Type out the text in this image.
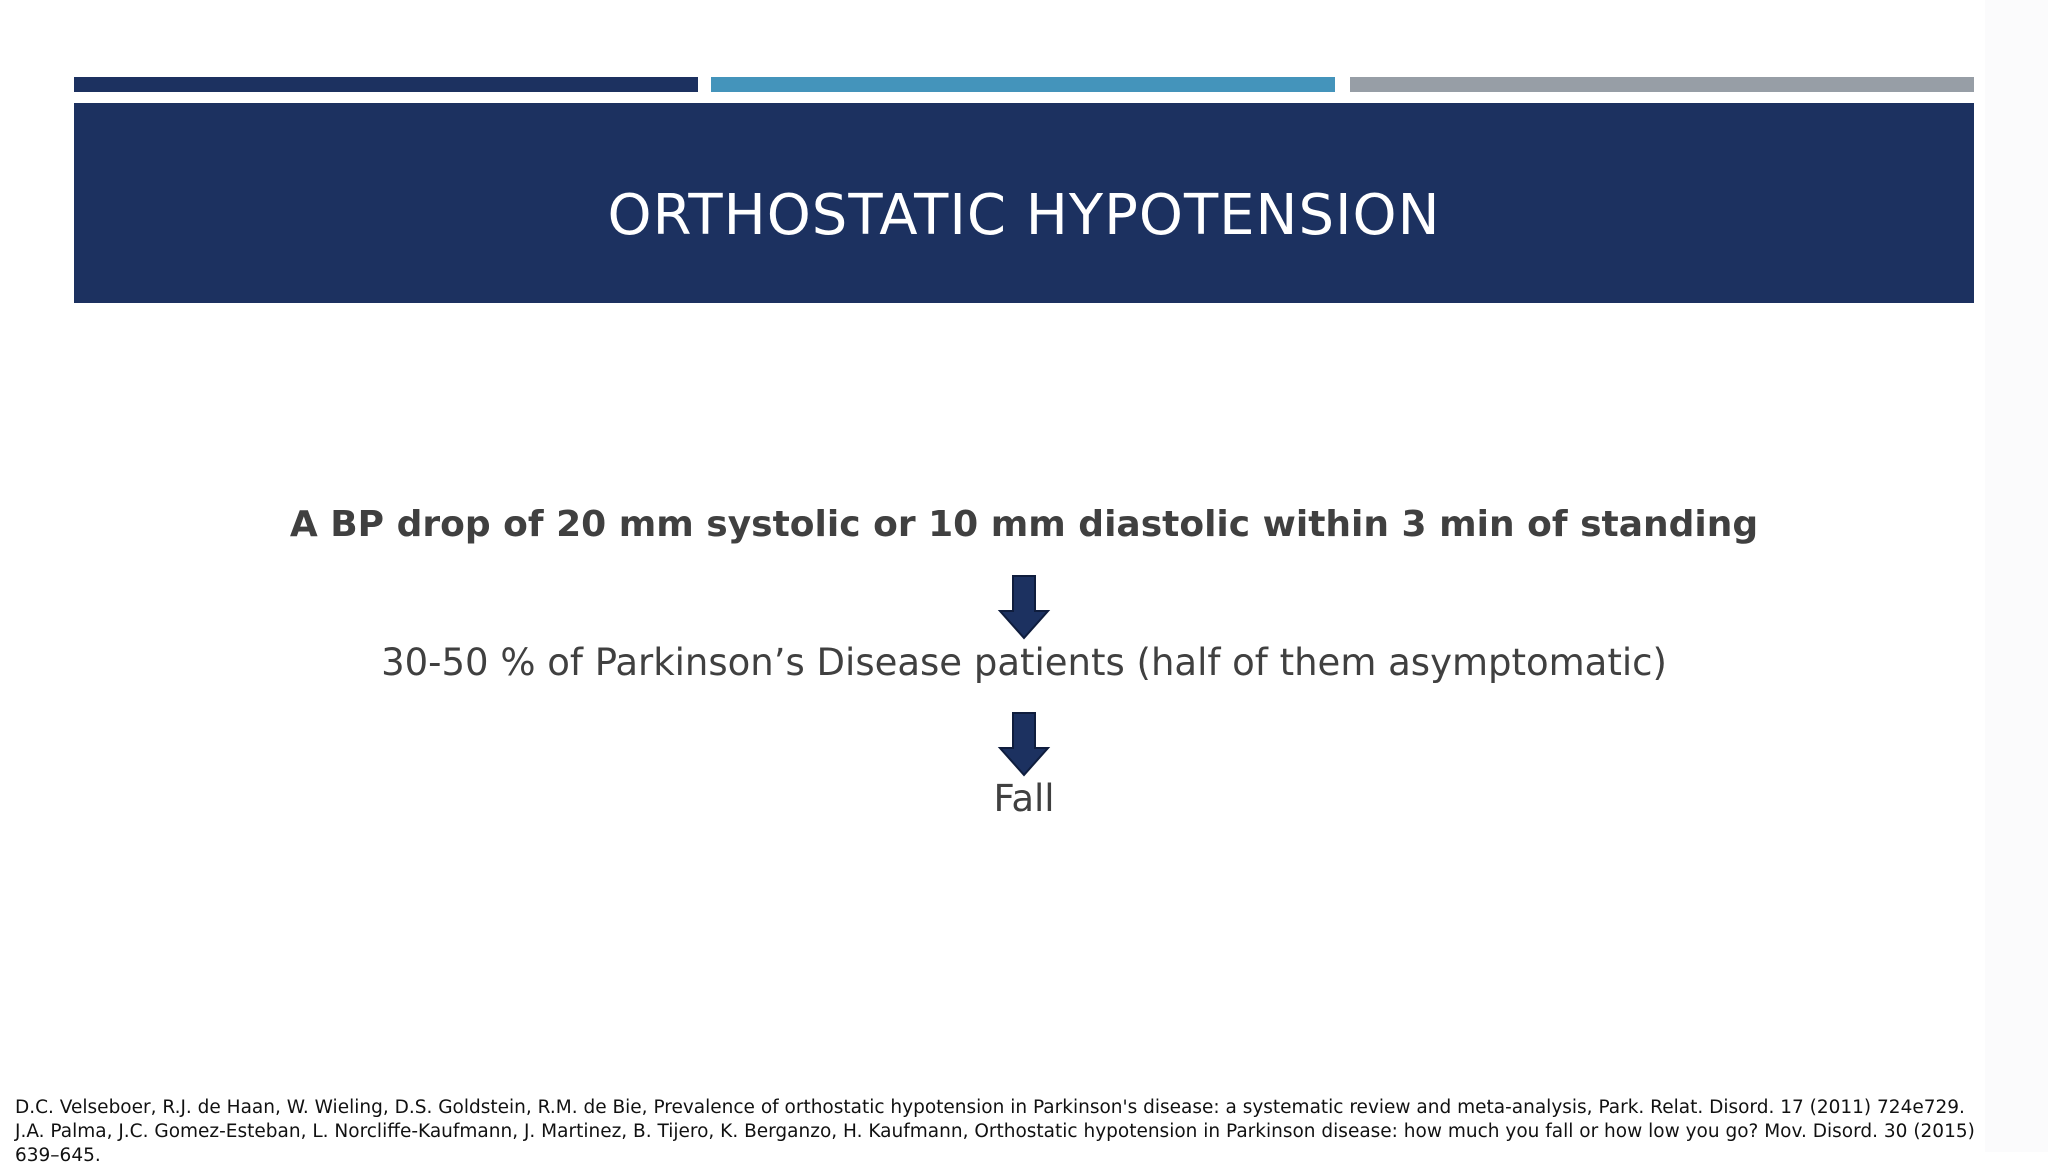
ORTHOSTATIC HYPOTENSION
A BP drop of 20 mm systolic or 10 mm diastolic within 3 min of standing
30-50 % of Parkinson’s Disease patients (half of them asymptomatic)
Fall
D.C. Velseboer, R.J. de Haan, W. Wieling, D.S. Goldstein, R.M. de Bie, Prevalence of orthostatic hypotension in Parkinson's disease: a systematic review and meta-analysis, Park. Relat. Disord. 17 (2011) 724e729.
J.A. Palma, J.C. Gomez-Esteban, L. Norcliffe-Kaufmann, J. Martinez, B. Tijero, K. Berganzo, H. Kaufmann, Orthostatic hypotension in Parkinson disease: how much you fall or how low you go? Mov. Disord. 30 (2015)
639–645.
